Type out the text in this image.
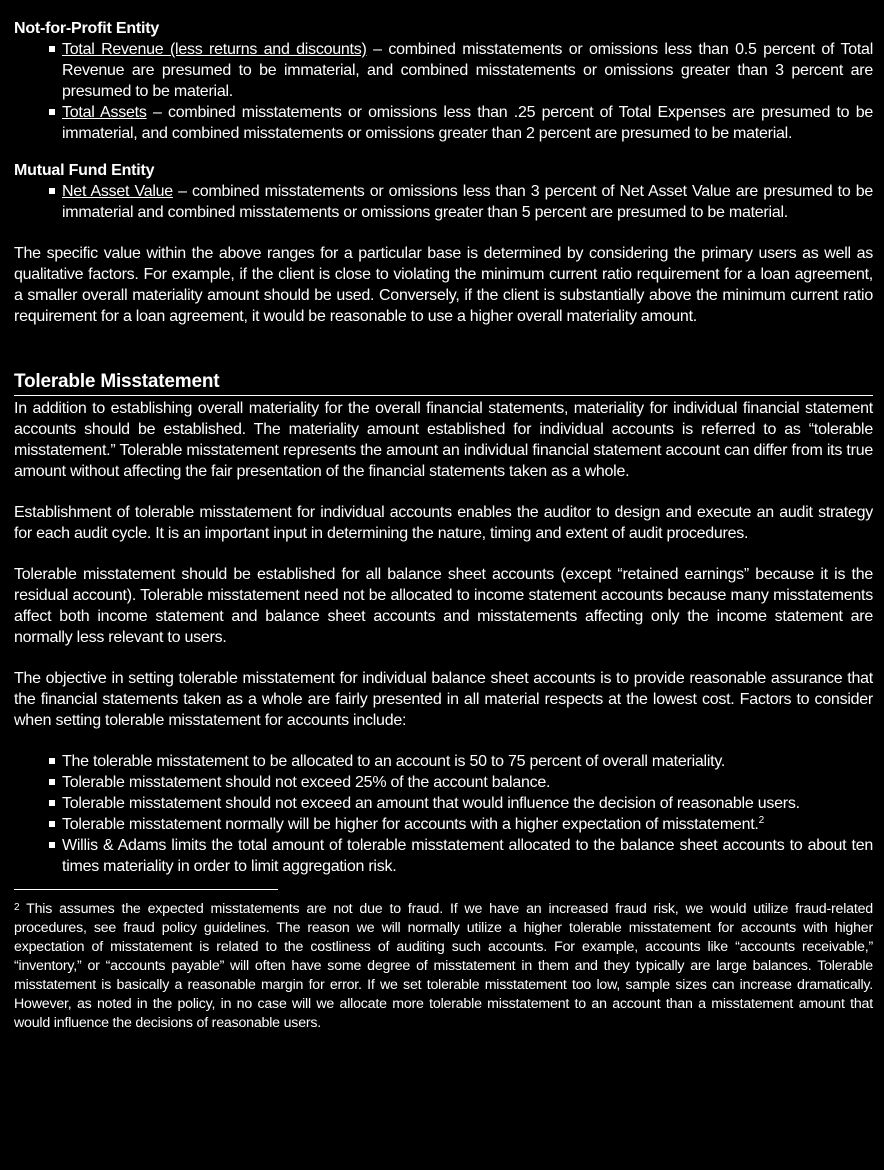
Not-for-Profit Entity
Total Revenue (less returns and discounts) – combined misstatements or omissions less than 0.5 percent of Total Revenue are presumed to be immaterial, and combined misstatements or omissions greater than 3 percent are presumed to be material.
Total Assets – combined misstatements or omissions less than .25 percent of Total Expenses are presumed to be immaterial, and combined misstatements or omissions greater than 2 percent are presumed to be material.
Mutual Fund Entity
Net Asset Value – combined misstatements or omissions less than 3 percent of Net Asset Value are presumed to be immaterial and combined misstatements or omissions greater than 5 percent are presumed to be material.

The specific value within the above ranges for a particular base is determined by considering the primary users as well as qualitative factors. For example, if the client is close to violating the minimum current ratio requirement for a loan agreement, a smaller overall materiality amount should be used. Conversely, if the client is substantially above the minimum current ratio requirement for a loan agreement, it would be reasonable to use a higher overall materiality amount.

Tolerable Misstatement

In addition to establishing overall materiality for the overall financial statements, materiality for individual financial statement accounts should be established. The materiality amount established for individual accounts is referred to as “tolerable misstatement.” Tolerable misstatement represents the amount an individual financial statement account can differ from its true amount without affecting the fair presentation of the financial statements taken as a whole.

Establishment of tolerable misstatement for individual accounts enables the auditor to design and execute an audit strategy for each audit cycle. It is an important input in determining the nature, timing and extent of audit procedures.

Tolerable misstatement should be established for all balance sheet accounts (except “retained earnings” because it is the residual account). Tolerable misstatement need not be allocated to income statement accounts because many misstatements affect both income statement and balance sheet accounts and misstatements affecting only the income statement are normally less relevant to users.

The objective in setting tolerable misstatement for individual balance sheet accounts is to provide reasonable assurance that the financial statements taken as a whole are fairly presented in all material respects at the lowest cost. Factors to consider when setting tolerable misstatement for accounts include:

The tolerable misstatement to be allocated to an account is 50 to 75 percent of overall materiality.
Tolerable misstatement should not exceed 25% of the account balance.
Tolerable misstatement should not exceed an amount that would influence the decision of reasonable users.
Tolerable misstatement normally will be higher for accounts with a higher expectation of misstatement.$^2$
Willis & Adams limits the total amount of tolerable misstatement allocated to the balance sheet accounts to about ten times materiality in order to limit aggregation risk.
$^2$ This assumes the expected misstatements are not due to fraud. If we have an increased fraud risk, we would utilize fraud-related procedures, see fraud policy guidelines. The reason we will normally utilize a higher tolerable misstatement for accounts with higher expectation of misstatement is related to the costliness of auditing such accounts. For example, accounts like “accounts receivable,” “inventory,” or “accounts payable” will often have some degree of misstatement in them and they typically are large balances. Tolerable misstatement is basically a reasonable margin for error. If we set tolerable misstatement too low, sample sizes can increase dramatically. However, as noted in the policy, in no case will we allocate more tolerable misstatement to an account than a misstatement amount that would influence the decisions of reasonable users.
